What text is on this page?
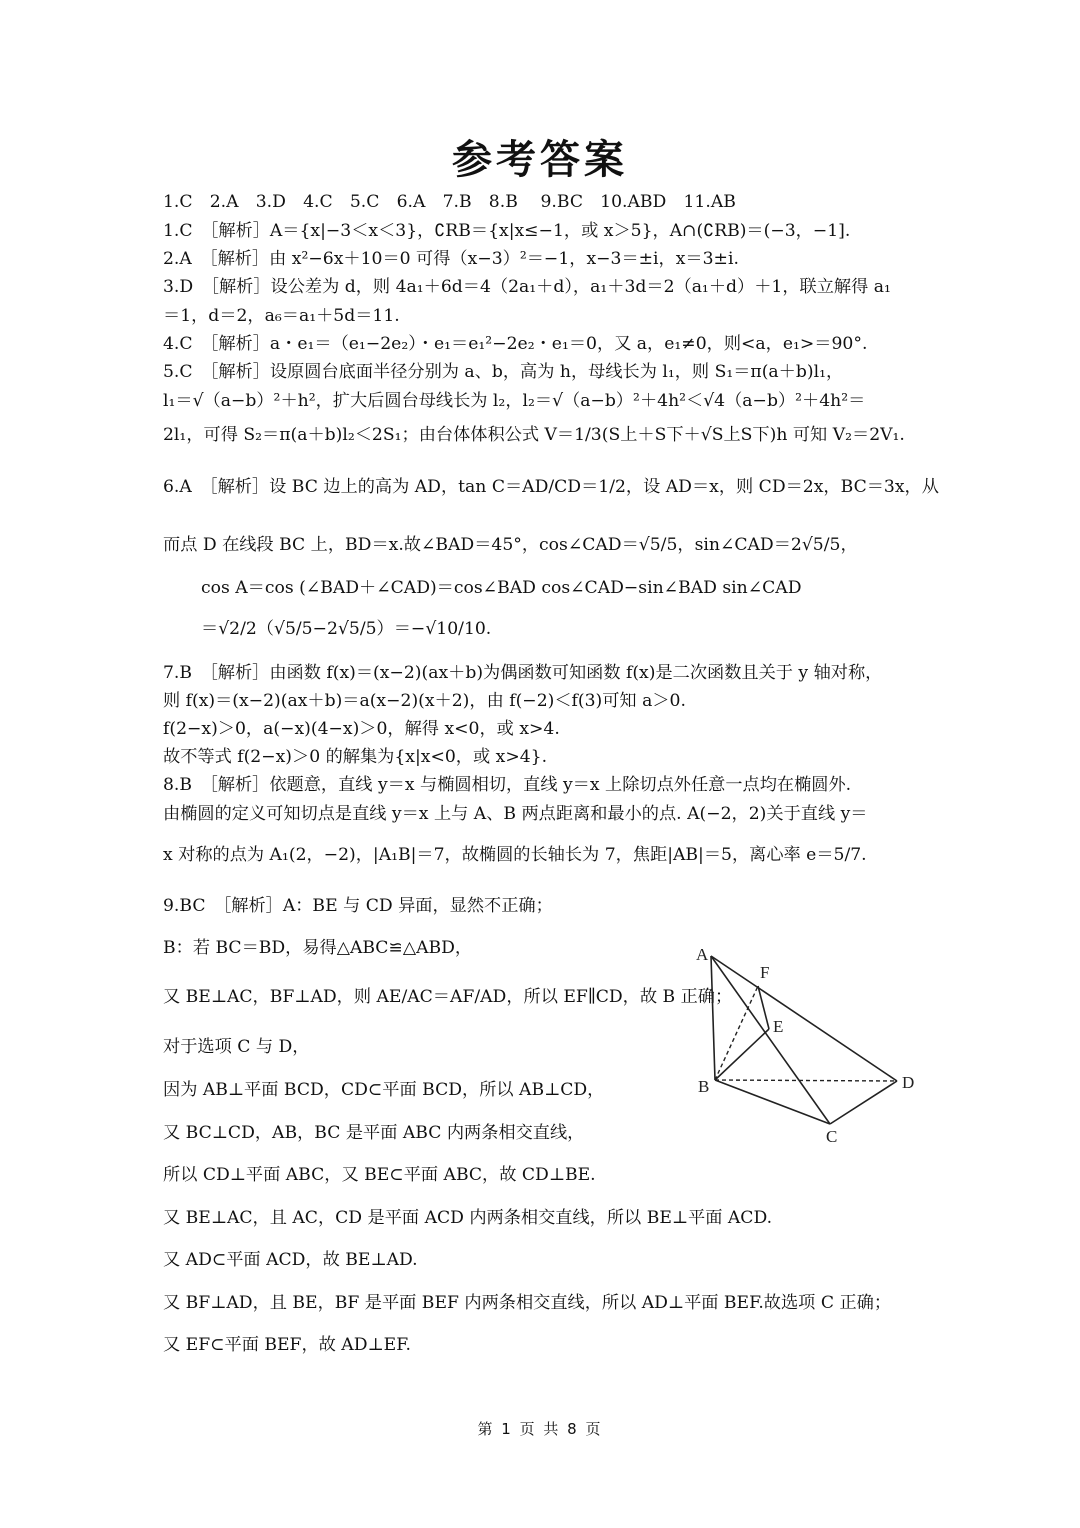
参考答案
1.C　2.A　3.D　4.C　5.C　6.A　7.B　8.B　 9.BC　10.ABD　11.AB
1.C　［解析］A＝{x|−3＜x＜3}，∁RB＝{x|x≤−1，或 x＞5}，A∩(∁RB)＝(−3，−1].
2.A　［解析］由 x²−6x＋10＝0 可得（x−3）²＝−1，x−3＝±i，x＝3±i.
3.D　［解析］设公差为 d，则 4a₁＋6d＝4（2a₁＋d），a₁＋3d＝2（a₁＋d）＋1，联立解得 a₁
＝1，d＝2，a₆＝a₁＋5d＝11.
4.C　［解析］a・e₁＝（e₁−2e₂）・e₁＝e₁²−2e₂・e₁＝0，又 a，e₁≠0，则<a，e₁>＝90°.
5.C　［解析］设原圆台底面半径分别为 a、b，高为 h，母线长为 l₁，则 S₁＝π(a＋b)l₁，
l₁＝√（a−b）²＋h²，扩大后圆台母线长为 l₂，l₂＝√（a−b）²＋4h²＜√4（a−b）²＋4h²＝
2l₁，可得 S₂＝π(a＋b)l₂＜2S₁；由台体体积公式 V＝1/3(S上＋S下＋√S上S下)h 可知 V₂＝2V₁.
6.A　［解析］设 BC 边上的高为 AD，tan C＝AD/CD＝1/2，设 AD＝x，则 CD＝2x，BC＝3x，从
而点 D 在线段 BC 上，BD＝x.故∠BAD＝45°，cos∠CAD＝√5/5，sin∠CAD＝2√5/5，
cos A＝cos (∠BAD＋∠CAD)＝cos∠BAD cos∠CAD−sin∠BAD sin∠CAD
＝√2/2（√5/5−2√5/5）＝−√10/10.
7.B　［解析］由函数 f(x)＝(x−2)(ax＋b)为偶函数可知函数 f(x)是二次函数且关于 y 轴对称，
则 f(x)＝(x−2)(ax＋b)＝a(x−2)(x＋2)，由 f(−2)＜f(3)可知 a＞0.
f(2−x)＞0，a(−x)(4−x)＞0，解得 x<0，或 x>4.
故不等式 f(2−x)＞0 的解集为{x|x<0，或 x>4}.
8.B　［解析］依题意，直线 y＝x 与椭圆相切，直线 y＝x 上除切点外任意一点均在椭圆外.
由椭圆的定义可知切点是直线 y＝x 上与 A、B 两点距离和最小的点. A(−2，2)关于直线 y＝
x 对称的点为 A₁(2，−2)，|A₁B|＝7，故椭圆的长轴长为 7，焦距|AB|＝5，离心率 e＝5/7.
9.BC　［解析］A：BE 与 CD 异面，显然不正确；
B：若 BC＝BD，易得△ABC≌△ABD，
又 BE⊥AC，BF⊥AD，则 AE/AC＝AF/AD，所以 EF∥CD，故 B 正确；
对于选项 C 与 D，
因为 AB⊥平面 BCD，CD⊂平面 BCD，所以 AB⊥CD，
又 BC⊥CD，AB，BC 是平面 ABC 内两条相交直线，
所以 CD⊥平面 ABC，又 BE⊂平面 ABC，故 CD⊥BE.
又 BE⊥AC，且 AC，CD 是平面 ACD 内两条相交直线，所以 BE⊥平面 ACD.
又 AD⊂平面 ACD，故 BE⊥AD.
又 BF⊥AD，且 BE，BF 是平面 BEF 内两条相交直线，所以 AD⊥平面 BEF.故选项 C 正确；
又 EF⊂平面 BEF，故 AD⊥EF.
A
B
C
D
E
F
第 1 页 共 8 页
